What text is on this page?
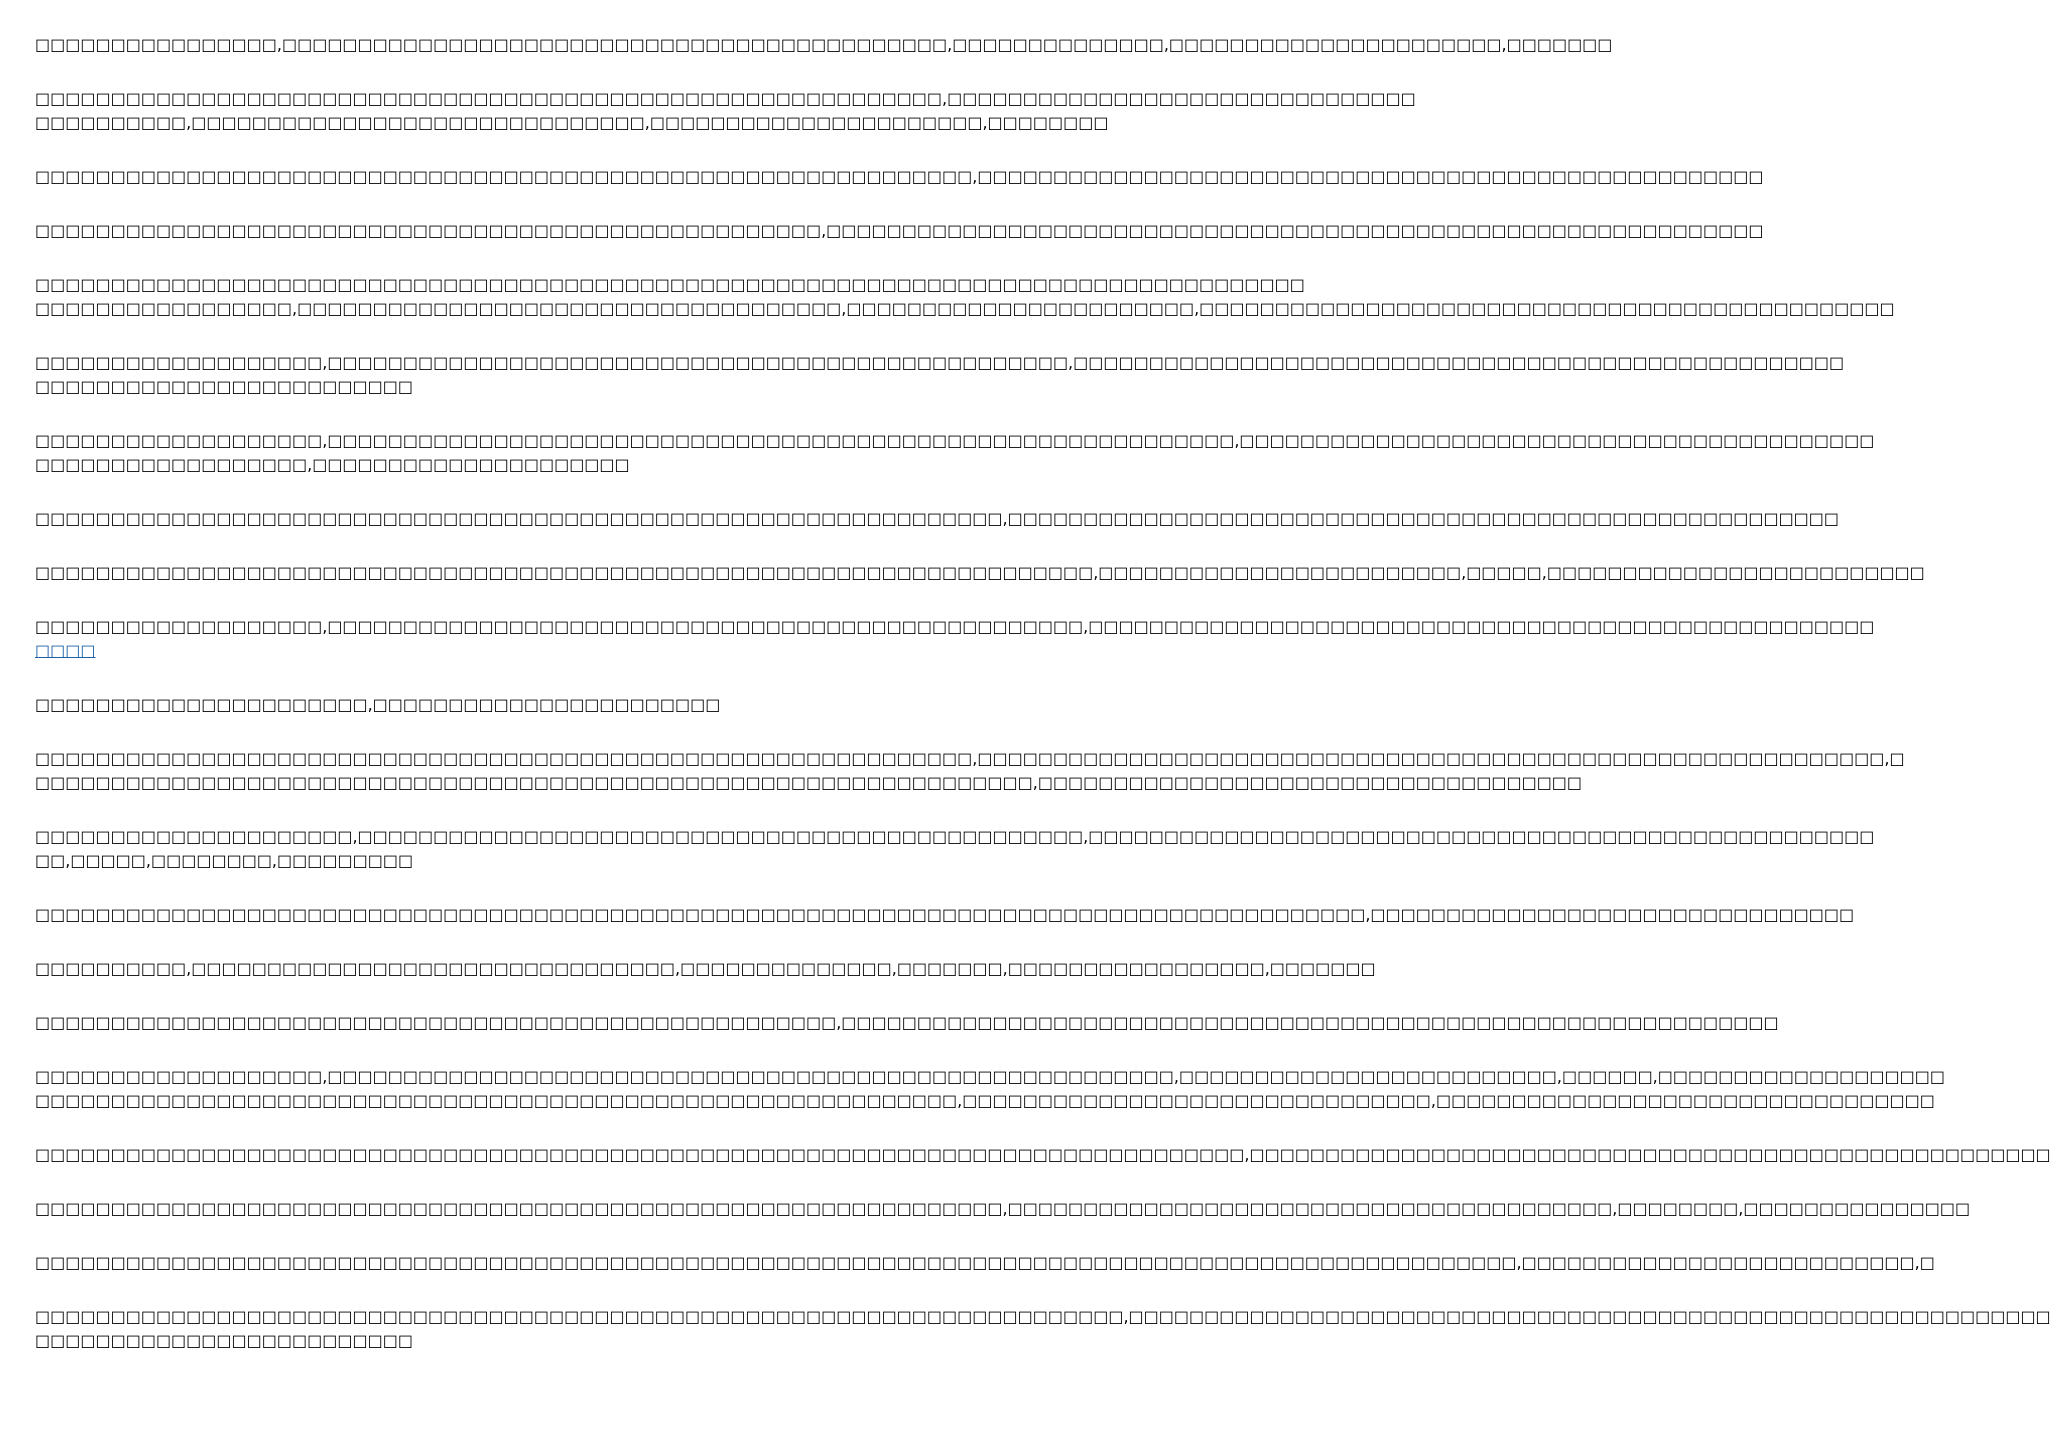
□□□□□□□□□□□□□□□□,□□□□□□□□□□□□□□□□□□□□□□□□□□□□□□□□□□□□□□□□□□□□,□□□□□□□□□□□□□□,□□□□□□□□□□□□□□□□□□□□□□,□□□□□□□

□□□□□□□□□□□□□□□□□□□□□□□□□□□□□□□□□□□□□□□□□□□□□□□□□□□□□□□□□□□□,□□□□□□□□□□□□□□□□□□□□□□□□□□□□□□□
□□□□□□□□□□,□□□□□□□□□□□□□□□□□□□□□□□□□□□□□□,□□□□□□□□□□□□□□□□□□□□□□,□□□□□□□□

□□□□□□□□□□□□□□□□□□□□□□□□□□□□□□□□□□□□□□□□□□□□□□□□□□□□□□□□□□□□□□,□□□□□□□□□□□□□□□□□□□□□□□□□□□□□□□□□□□□□□□□□□□□□□□□□□□□

□□□□□□□□□□□□□□□□□□□□□□□□□□□□□□□□□□□□□□□□□□□□□□□□□□□□,□□□□□□□□□□□□□□□□□□□□□□□□□□□□□□□□□□□□□□□□□□□□□□□□□□□□□□□□□□□□□□

□□□□□□□□□□□□□□□□□□□□□□□□□□□□□□□□□□□□□□□□□□□□□□□□□□□□□□□□□□□□□□□□□□□□□□□□□□□□□□□□□□□□
□□□□□□□□□□□□□□□□□,□□□□□□□□□□□□□□□□□□□□□□□□□□□□□□□□□□□□,□□□□□□□□□□□□□□□□□□□□□□□,□□□□□□□□□□□□□□□□□□□□□□□□□□□□□□□□□□□□□□□□□□□□□□

□□□□□□□□□□□□□□□□□□□,□□□□□□□□□□□□□□□□□□□□□□□□□□□□□□□□□□□□□□□□□□□□□□□□□,□□□□□□□□□□□□□□□□□□□□□□□□□□□□□□□□□□□□□□□□□□□□□□□□□□□
□□□□□□□□□□□□□□□□□□□□□□□□□

□□□□□□□□□□□□□□□□□□□,□□□□□□□□□□□□□□□□□□□□□□□□□□□□□□□□□□□□□□□□□□□□□□□□□□□□□□□□□□□□,□□□□□□□□□□□□□□□□□□□□□□□□□□□□□□□□□□□□□□□□□□
□□□□□□□□□□□□□□□□□□,□□□□□□□□□□□□□□□□□□□□□

□□□□□□□□□□□□□□□□□□□□□□□□□□□□□□□□□□□□□□□□□□□□□□□□□□□□□□□□□□□□□□□□,□□□□□□□□□□□□□□□□□□□□□□□□□□□□□□□□□□□□□□□□□□□□□□□□□□□□□□□

□□□□□□□□□□□□□□□□□□□□□□□□□□□□□□□□□□□□□□□□□□□□□□□□□□□□□□□□□□□□□□□□□□□□□□,□□□□□□□□□□□□□□□□□□□□□□□□,□□□□□,□□□□□□□□□□□□□□□□□□□□□□□□□

□□□□□□□□□□□□□□□□□□□,□□□□□□□□□□□□□□□□□□□□□□□□□□□□□□□□□□□□□□□□□□□□□□□□□□,□□□□□□□□□□□□□□□□□□□□□□□□□□□□□□□□□□□□□□□□□□□□□□□□□□□□
□□□□

□□□□□□□□□□□□□□□□□□□□□□,□□□□□□□□□□□□□□□□□□□□□□□

□□□□□□□□□□□□□□□□□□□□□□□□□□□□□□□□□□□□□□□□□□□□□□□□□□□□□□□□□□□□□□,□□□□□□□□□□□□□□□□□□□□□□□□□□□□□□□□□□□□□□□□□□□□□□□□□□□□□□□□□□□□,□
□□□□□□□□□□□□□□□□□□□□□□□□□□□□□□□□□□□□□□□□□□□□□□□□□□□□□□□□□□□□□□□□□□,□□□□□□□□□□□□□□□□□□□□□□□□□□□□□□□□□□□□

□□□□□□□□□□□□□□□□□□□□□,□□□□□□□□□□□□□□□□□□□□□□□□□□□□□□□□□□□□□□□□□□□□□□□□,□□□□□□□□□□□□□□□□□□□□□□□□□□□□□□□□□□□□□□□□□□□□□□□□□□□□
□□,□□□□□,□□□□□□□□,□□□□□□□□□

□□□□□□□□□□□□□□□□□□□□□□□□□□□□□□□□□□□□□□□□□□□□□□□□□□□□□□□□□□□□□□□□□□□□□□□□□□□□□□□□□□□□□□□□,□□□□□□□□□□□□□□□□□□□□□□□□□□□□□□□□

□□□□□□□□□□,□□□□□□□□□□□□□□□□□□□□□□□□□□□□□□□□,□□□□□□□□□□□□□□,□□□□□□□,□□□□□□□□□□□□□□□□□,□□□□□□□

□□□□□□□□□□□□□□□□□□□□□□□□□□□□□□□□□□□□□□□□□□□□□□□□□□□□□,□□□□□□□□□□□□□□□□□□□□□□□□□□□□□□□□□□□□□□□□□□□□□□□□□□□□□□□□□□□□□□

□□□□□□□□□□□□□□□□□□□,□□□□□□□□□□□□□□□□□□□□□□□□□□□□□□□□□□□□□□□□□□□□□□□□□□□□□□□□,□□□□□□□□□□□□□□□□□□□□□□□□□,□□□□□□,□□□□□□□□□□□□□□□□□□□
□□□□□□□□□□□□□□□□□□□□□□□□□□□□□□□□□□□□□□□□□□□□□□□□□□□□□□□□□□□□□,□□□□□□□□□□□□□□□□□□□□□□□□□□□□□□□,□□□□□□□□□□□□□□□□□□□□□□□□□□□□□□□□□

□□□□□□□□□□□□□□□□□□□□□□□□□□□□□□□□□□□□□□□□□□□□□□□□□□□□□□□□□□□□□□□□□□□□□□□□□□□□□□□□,□□□□□□□□□□□□□□□□□□□□□□□□□□□□□□□□□□□□□□□□□□□□□□□□□□□□□

□□□□□□□□□□□□□□□□□□□□□□□□□□□□□□□□□□□□□□□□□□□□□□□□□□□□□□□□□□□□□□□□,□□□□□□□□□□□□□□□□□□□□□□□□□□□□□□□□□□□□□□□□,□□□□□□□□,□□□□□□□□□□□□□□□

□□□□□□□□□□□□□□□□□□□□□□□□□□□□□□□□□□□□□□□□□□□□□□□□□□□□□□□□□□□□□□□□□□□□□□□□□□□□□□□□□□□□□□□□□□□□□□□□□□,□□□□□□□□□□□□□□□□□□□□□□□□□□,□

□□□□□□□□□□□□□□□□□□□□□□□□□□□□□□□□□□□□□□□□□□□□□□□□□□□□□□□□□□□□□□□□□□□□□□□□,□□□□□□□□□□□□□□□□□□□□□□□□□□□□□□□□□□□□□□□□□□□□□□□□□□□□□□□□□□□□□
□□□□□□□□□□□□□□□□□□□□□□□□□
